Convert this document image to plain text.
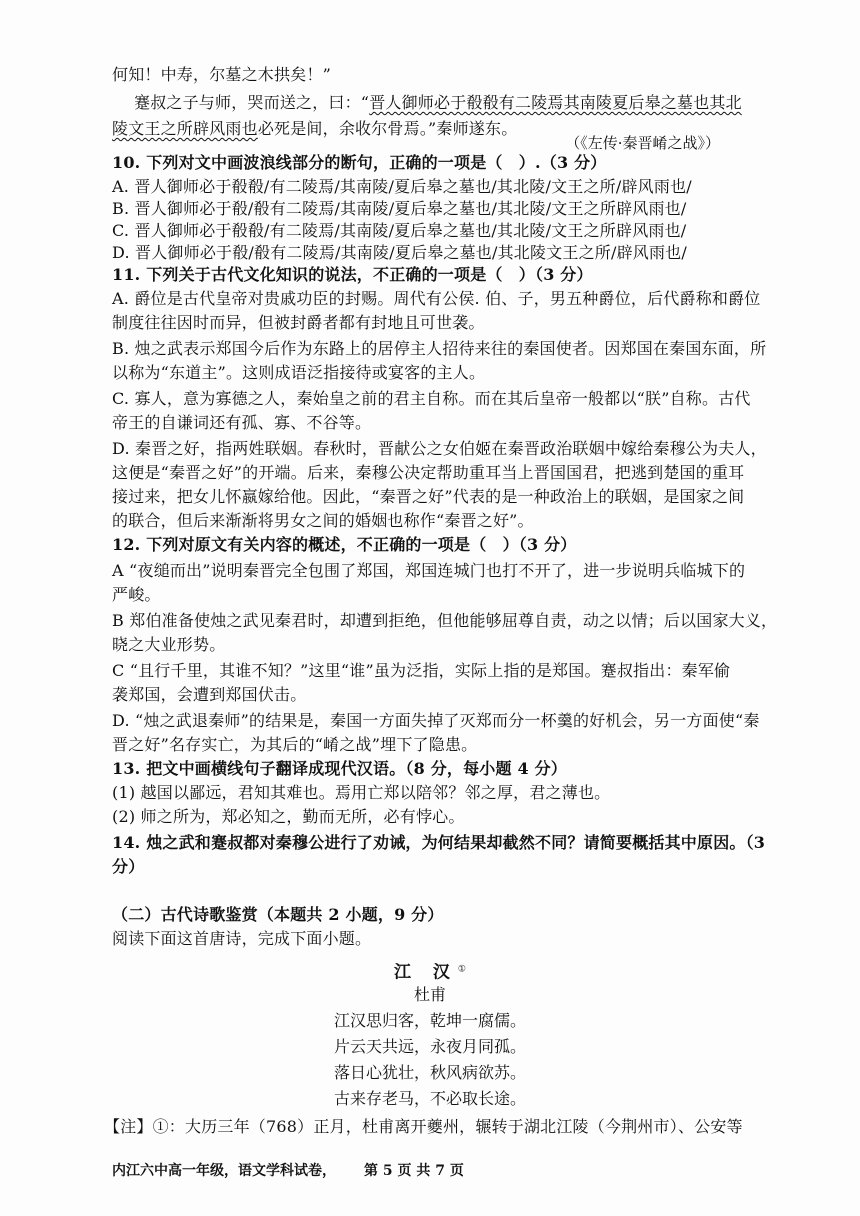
何知！中寿，尔墓之木拱矣！”
蹇叔之子与师，哭而送之，曰：“晋人御师必于殽殽有二陵焉其南陵夏后皋之墓也其北
陵文王之所辟风雨也必死是间，余收尔骨焉。”秦师遂东。
（《左传·秦晋崤之战》）
10. 下列对文中画波浪线部分的断句，正确的一项是（　）.（3 分）
A. 晋人御师必于殽殽/有二陵焉/其南陵/夏后皋之墓也/其北陵/文王之所/辟风雨也/
B. 晋人御师必于殽/殽有二陵焉/其南陵/夏后皋之墓也/其北陵/文王之所辟风雨也/
C. 晋人御师必于殽殽/有二陵焉/其南陵/夏后皋之墓也/其北陵/文王之所辟风雨也/
D. 晋人御师必于殽/殽有二陵焉/其南陵/夏后皋之墓也/其北陵文王之所/辟风雨也/
11. 下列关于古代文化知识的说法，不正确的一项是（　）（3 分）
A. 爵位是古代皇帝对贵戚功臣的封赐。周代有公侯. 伯、子，男五种爵位，后代爵称和爵位
制度往往因时而异，但被封爵者都有封地且可世袭。
B. 烛之武表示郑国今后作为东路上的居停主人招待来往的秦国使者。因郑国在秦国东面，所
以称为“东道主”。这则成语泛指接待或宴客的主人。
C. 寡人，意为寡德之人，秦始皇之前的君主自称。而在其后皇帝一般都以“朕”自称。古代
帝王的自谦词还有孤、寡、不谷等。
D. 秦晋之好，指两姓联姻。春秋时，晋献公之女伯姬在秦晋政治联姻中嫁给秦穆公为夫人，
这便是“秦晋之好”的开端。后来，秦穆公决定帮助重耳当上晋国国君，把逃到楚国的重耳
接过来，把女儿怀嬴嫁给他。因此，“秦晋之好”代表的是一种政治上的联姻，是国家之间
的联合，但后来渐渐将男女之间的婚姻也称作“秦晋之好”。
12. 下列对原文有关内容的概述，不正确的一项是（　）（3 分）
A “夜缒而出”说明秦晋完全包围了郑国，郑国连城门也打不开了，进一步说明兵临城下的
严峻。
B 郑伯准备使烛之武见秦君时，却遭到拒绝，但他能够屈尊自责，动之以情；后以国家大义，
晓之大业形势。
C “且行千里，其谁不知？”这里“谁”虽为泛指，实际上指的是郑国。蹇叔指出：秦军偷
袭郑国，会遭到郑国伏击。
D. “烛之武退秦师”的结果是，秦国一方面失掉了灭郑而分一杯羹的好机会，另一方面使“秦
晋之好”名存实亡，为其后的“崤之战”埋下了隐患。
13. 把文中画横线句子翻译成现代汉语。（8 分，每小题 4 分）
(1) 越国以鄙远，君知其难也。焉用亡郑以陪邻？邻之厚，君之薄也。
(2) 师之所为，郑必知之，勤而无所，必有悖心。
14. 烛之武和蹇叔都对秦穆公进行了劝诫，为何结果却截然不同？请简要概括其中原因。（3
分）
（二）古代诗歌鉴赏（本题共 2 小题，9 分）
阅读下面这首唐诗，完成下面小题。
江 汉①
杜甫
江汉思归客，乾坤一腐儒。
片云天共远，永夜月同孤。
落日心犹壮，秋风病欲苏。
古来存老马，不必取长途。
【注】①：大历三年（768）正月，杜甫离开夔州，辗转于湖北江陵（今荆州市）、公安等
内江六中高一年级，语文学科试卷， 第 5 页 共 7 页
